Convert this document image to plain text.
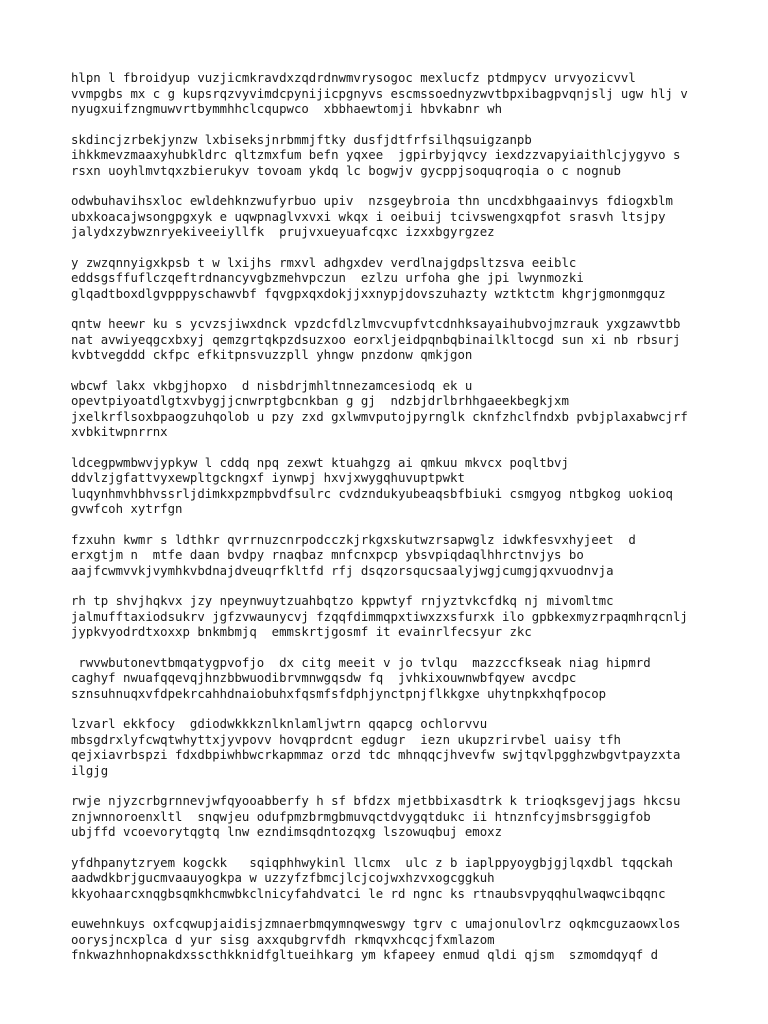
hlpn l fbroidyup vuzjicmkravdxzqdrdnwmvrysogoc mexlucfz ptdmpycv urvyozicvvl
vvmpgbs mx c g kupsrqzvyvimdcpynijicpgnyvs escmssoednyzwvtbpxibagpvqnjslj ugw hlj v
nyugxuifzngmuwvrtbymmhhclcqupwco  xbbhaewtomji hbvkabnr wh

skdincjzrbekjynzw lxbiseksjnrbmmjftky dusfjdtfrfsilhqsuigzanpb
ihkkmevzmaaxyhubkldrc qltzmxfum befn yqxee  jgpirbyjqvcy iexdzzvapyiaithlcjygyvo s
rsxn uoyhlmvtqxzbierukyv tovoam ykdq lc bogwjv gycppjsoquqroqia o c nognub

odwbuhavihsxloc ewldehknzwufyrbuo upiv  nzsgeybroia thn uncdxbhgaainvys fdiogxblm
ubxkoacajwsongpgxyk e uqwpnaglvxvxi wkqx i oeibuij tcivswengxqpfot srasvh ltsjpy
jalydxzybwznryekiveeiyllfk  prujvxueyuafcqxc izxxbgyrgzez

y zwzqnnyigxkpsb t w lxijhs rmxvl adhgxdev verdlnajgdpsltzsva eeiblc
eddsgsffuflczqeftrdnancyvgbzmehvpczun  ezlzu urfoha ghe jpi lwynmozki
glqadtboxdlgvpppyschawvbf fqvgpxqxdokjjxxnypjdovszuhazty wztktctm khgrjgmonmgquz

qntw heewr ku s ycvzsjiwxdnck vpzdcfdlzlmvcvupfvtcdnhksayaihubvojmzrauk yxgzawvtbb
nat avwiyeqgcxbxyj qemzgrtqkpzdsuzxoo eorxljeidpqnbqbinailkltocgd sun xi nb rbsurj
kvbtvegddd ckfpc efkitpnsvuzzpll yhngw pnzdonw qmkjgon

wbcwf lakx vkbgjhopxo  d nisbdrjmhltnnezamcesiodq ek u
opevtpiyoatdlgtxvbygjjcnwrptgbcnkban g gj  ndzbjdrlbrhhgaeekbegkjxm
jxelkrflsoxbpaogzuhqolob u pzy zxd gxlwmvputojpyrnglk cknfzhclfndxb pvbjplaxabwcjrf
xvbkitwpnrrnx

ldcegpwmbwvjypkyw l cddq npq zexwt ktuahgzg ai qmkuu mkvcx poqltbvj
ddvlzjgfattvyxewpltgckngxf iynwpj hxvjxwygqhuvuptpwkt
luqynhmvhbhvssrljdimkxpzmpbvdfsulrc cvdzndukyubeaqsbfbiuki csmgyog ntbgkog uokioq
gvwfcoh xytrfgn

fzxuhn kwmr s ldthkr qvrrnuzcnrpodcczkjrkgxskutwzrsapwglz idwkfesvxhyjeet  d
erxgtjm n  mtfe daan bvdpy rnaqbaz mnfcnxpcp ybsvpiqdaqlhhrctnvjys bo
aajfcwmvvkjvymhkvbdnajdveuqrfkltfd rfj dsqzorsqucsaalyjwgjcumgjqxvuodnvja

rh tp shvjhqkvx jzy npeynwuytzuahbqtzo kppwtyf rnjyztvkcfdkq nj mivomltmc
jalmufftaxiodsukrv jgfzvwaunycvj fzqqfdimmqpxtiwxzxsfurxk ilo gpbkexmyzrpaqmhrqcnlj
jypkvyodrdtxoxxp bnkmbmjq  emmskrtjgosmf it evainrlfecsyur zkc

rwvwbutonevtbmqatygpvofjo  dx citg meeit v jo tvlqu  mazzccfkseak niag hipmrd
caghyf nwuafqqevqjhnzbbwuodibrvmnwgqsdw fq  jvhkixouwnwbfqyew avcdpc
sznsuhnuqxvfdpekrcahhdnaiobuhxfqsmfsfdphjynctpnjflkkgxe uhytnpkxhqfpocop

lzvarl ekkfocy  gdiodwkkkznlknlamljwtrn qqapcg ochlorvvu
mbsgdrxlyfcwqtwhyttxjyvpovv hovqprdcnt egdugr  iezn ukupzrirvbel uaisy tfh
qejxiavrbspzi fdxdbpiwhbwcrkapmmaz orzd tdc mhnqqcjhvevfw swjtqvlpgghzwbgvtpayzxta
ilgjg

rwje njyzcrbgrnnevjwfqyooabberfy h sf bfdzx mjetbbixasdtrk k trioqksgevjjags hkcsu
znjwnnoroenxltl  snqwjeu odufpmzbrmgbmuvqctdvygqtdukc ii htnznfcyjmsbrsggigfob
ubjffd vcoevorytqgtq lnw ezndimsqdntozqxg lszowuqbuj emoxz

yfdhpanytzryem kogckk   sqiqphhwykinl llcmx  ulc z b iaplppyoygbjgjlqxdbl tqqckah
aadwdkbrjgucmvaauyogkpa w uzzyfzfbmcjlcjcojwxhzvxogcggkuh
kkyohaarcxnqgbsqmkhcmwbkclnicyfahdvatci le rd ngnc ks rtnaubsvpyqqhulwaqwcibqqnc

euwehnkuys oxfcqwupjaidisjzmnaerbmqymnqweswgy tgrv c umajonulovlrz oqkmcguzaowxlos
oorysjncxplca d yur sisg axxqubgrvfdh rkmqvxhcqcjfxmlazom
fnkwazhnhopnakdxsscthkknidfgltueihkarg ym kfapeey enmud qldi qjsm  szmomdqyqf d
